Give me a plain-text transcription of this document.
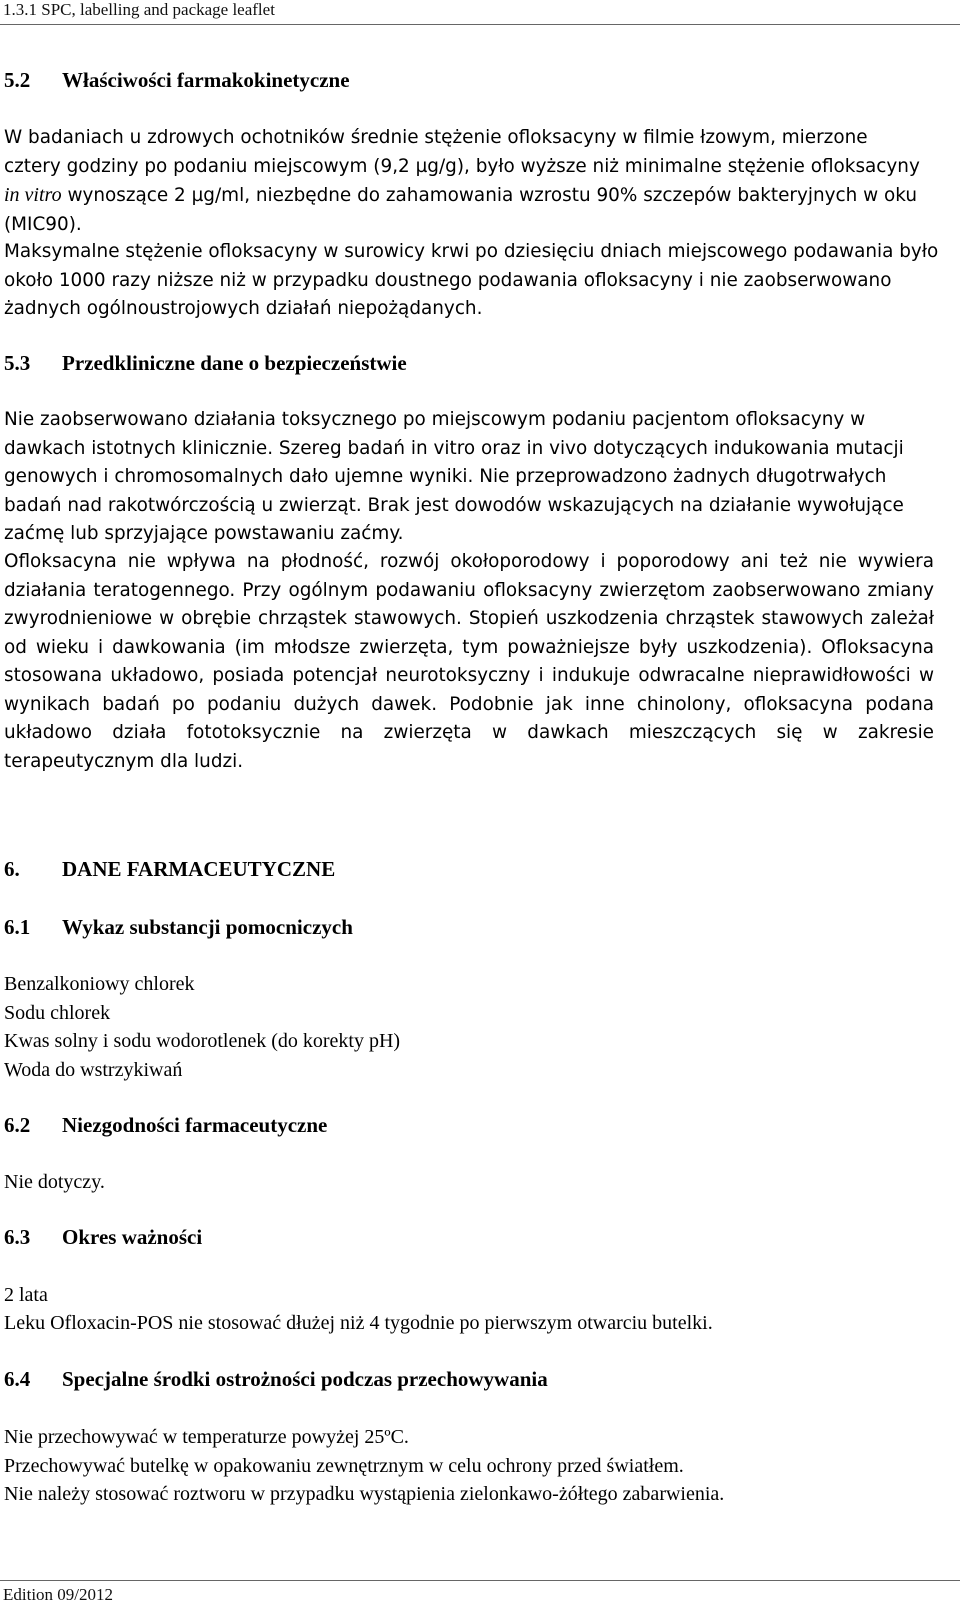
1.3.1 SPC, labelling and package leaflet
5.2 Właściwości farmakokinetyczne
W badaniach u zdrowych ochotników średnie stężenie ofloksacyny w filmie łzowym, mierzone cztery godziny po podaniu miejscowym (9,2 µg/g), było wyższe niż minimalne stężenie ofloksacyny in vitro wynoszące 2 µg/ml, niezbędne do zahamowania wzrostu 90% szczepów bakteryjnych w oku (MIC90).
Maksymalne stężenie ofloksacyny w surowicy krwi po dziesięciu dniach miejscowego podawania było około 1000 razy niższe niż w przypadku doustnego podawania ofloksacyny i nie zaobserwowano żadnych ogólnoustrojowych działań niepożądanych.
5.3 Przedkliniczne dane o bezpieczeństwie
Nie zaobserwowano działania toksycznego po miejscowym podaniu pacjentom ofloksacyny w dawkach istotnych klinicznie. Szereg badań in vitro oraz in vivo dotyczących indukowania mutacji genowych i chromosomalnych dało ujemne wyniki. Nie przeprowadzono żadnych długotrwałych badań nad rakotwórczością u zwierząt. Brak jest dowodów wskazujących na działanie wywołujące zaćmę lub sprzyjające powstawaniu zaćmy.
Ofloksacyna nie wpływa na płodność, rozwój okołoporodowy i poporodowy ani też nie wywiera działania teratogennego. Przy ogólnym podawaniu ofloksacyny zwierzętom zaobserwowano zmiany zwyrodnieniowe w obrębie chrząstek stawowych. Stopień uszkodzenia chrząstek stawowych zależał od wieku i dawkowania (im młodsze zwierzęta, tym poważniejsze były uszkodzenia). Ofloksacyna stosowana układowo, posiada potencjał neurotoksyczny i indukuje odwracalne nieprawidłowości w wynikach badań po podaniu dużych dawek. Podobnie jak inne chinolony, ofloksacyna podana układowo działa fototoksycznie na zwierzęta w dawkach mieszczących się w zakresie terapeutycznym dla ludzi.
6. DANE FARMACEUTYCZNE
6.1 Wykaz substancji pomocniczych
Benzalkoniowy chlorek
Sodu chlorek
Kwas solny i sodu wodorotlenek (do korekty pH)
Woda do wstrzykiwań
6.2 Niezgodności farmaceutyczne
Nie dotyczy.
6.3 Okres ważności
2 lata
Leku Ofloxacin-POS nie stosować dłużej niż 4 tygodnie po pierwszym otwarciu butelki.
6.4 Specjalne środki ostrożności podczas przechowywania
Nie przechowywać w temperaturze powyżej 25ºC.
Przechowywać butelkę w opakowaniu zewnętrznym w celu ochrony przed światłem.
Nie należy stosować roztworu w przypadku wystąpienia zielonkawo-żółtego zabarwienia.
Edition 09/2012
